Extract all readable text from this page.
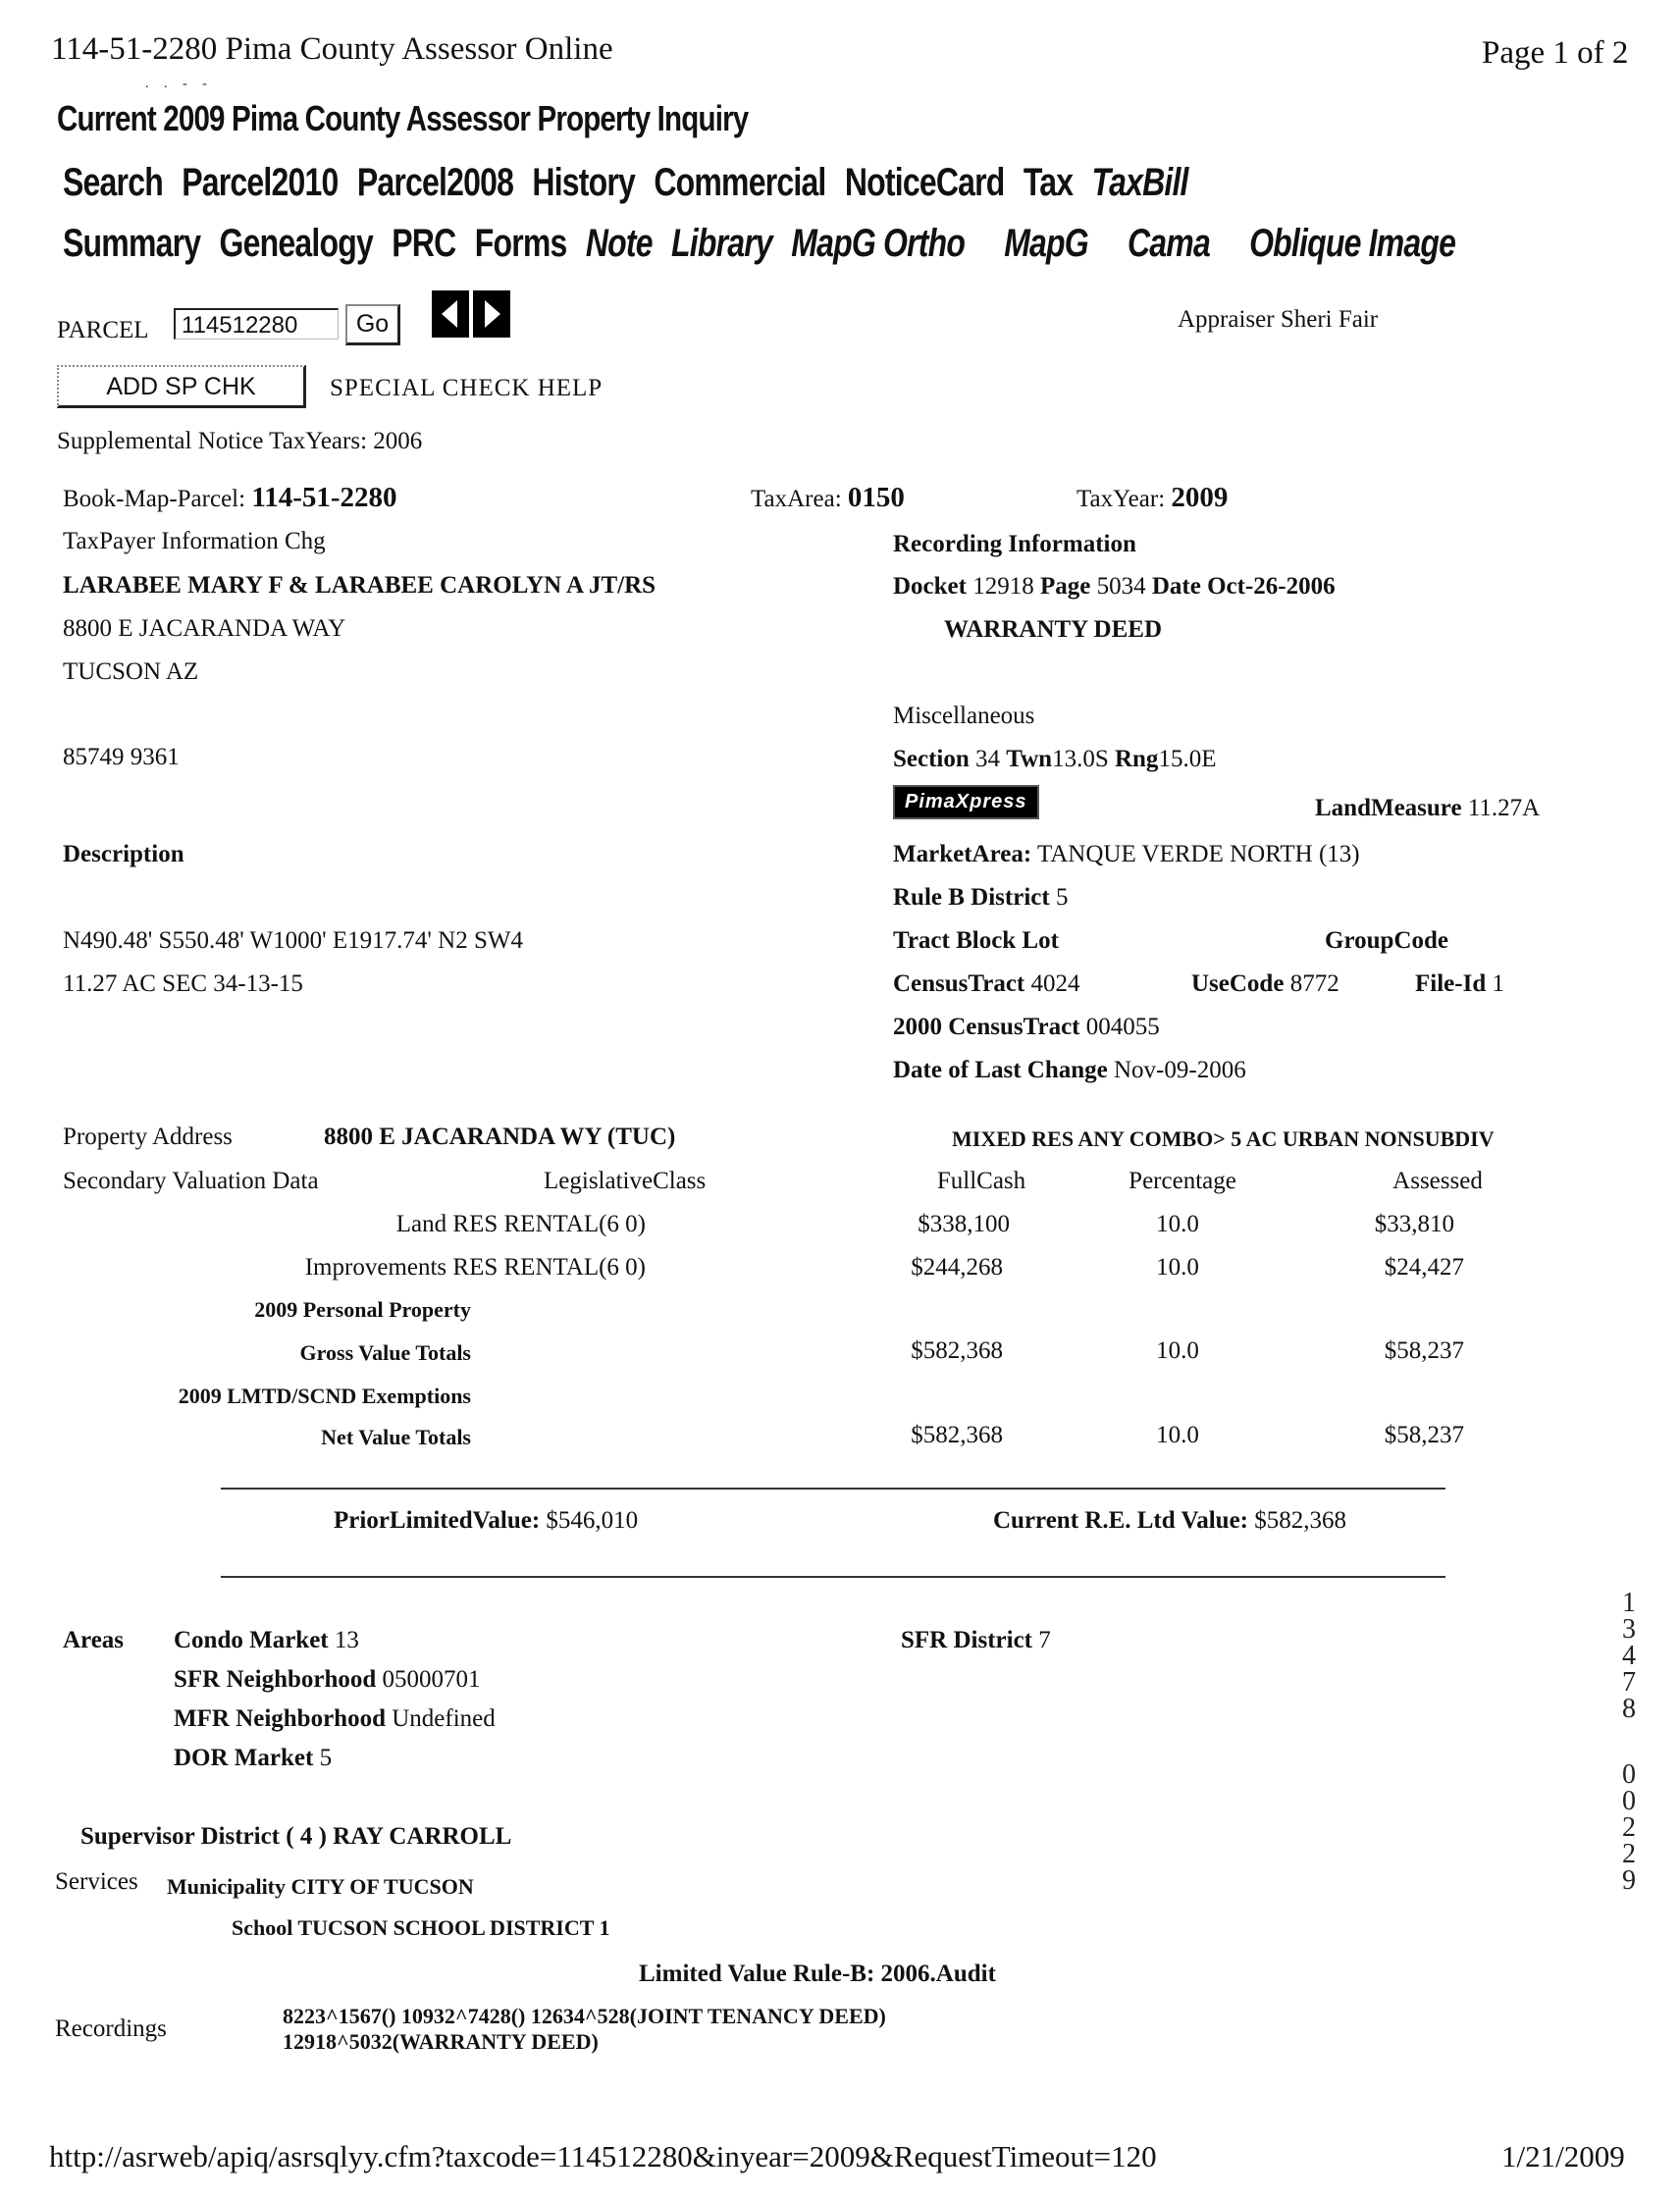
114-51-2280 Pima County Assessor Online	Page 1 of 2
. . - -
Current 2009 Pima County Assessor Property Inquiry
Search Parcel2010 Parcel2008 History Commercial NoticeCard Tax TaxBill
Summary Genealogy PRC Forms Note Library MapG Ortho MapG Cama Oblique Image
PARCEL	114512280	Go	Appraiser Sheri Fair
ADD SP CHK	SPECIAL CHECK HELP
Supplemental Notice TaxYears: 2006
Book-Map-Parcel: 114-51-2280	TaxArea: 0150	TaxYear: 2009
TaxPayer Information Chg
LARABEE MARY F & LARABEE CAROLYN A JT/RS
8800 E JACARANDA WAY
TUCSON AZ
85749 9361
Recording Information
Docket 12918 Page 5034 Date Oct-26-2006
WARRANTY DEED
Miscellaneous
Section 34 Twn13.0S Rng15.0E
PimaXpress	LandMeasure 11.27A
MarketArea: TANQUE VERDE NORTH (13)
Rule B District 5
Tract Block Lot	GroupCode
CensusTract 4024	UseCode 8772	File-Id 1
2000 CensusTract 004055
Date of Last Change Nov-09-2006
Description
N490.48' S550.48' W1000' E1917.74' N2 SW4
11.27 AC SEC 34-13-15
Property Address	8800 E JACARANDA WY (TUC)	MIXED RES ANY COMBO> 5 AC URBAN NONSUBDIV
Secondary Valuation Data	LegislativeClass	FullCash	Percentage	Assessed
Land RES RENTAL(6 0)	$338,100	10.0	$33,810
Improvements RES RENTAL(6 0)	$244,268	10.0	$24,427
2009 Personal Property
Gross Value Totals	$582,368	10.0	$58,237
2009 LMTD/SCND Exemptions
Net Value Totals	$582,368	10.0	$58,237
PriorLimitedValue: $546,010	Current R.E. Ltd Value: $582,368
Areas Condo Market 13
SFR Neighborhood 05000701
MFR Neighborhood Undefined
DOR Market 5
SFR District 7
Supervisor District ( 4 ) RAY CARROLL
Services Municipality CITY OF TUCSON
School TUCSON SCHOOL DISTRICT 1
Limited Value Rule-B: 2006.Audit
Recordings	8223^1567() 10932^7428() 12634^528(JOINT TENANCY DEED)
12918^5032(WARRANTY DEED)
1
3
4
7
8

0
0
2
2
9
http://asrweb/apiq/asrsqlyy.cfm?taxcode=114512280&inyear=2009&RequestTimeout=120	1/21/2009
